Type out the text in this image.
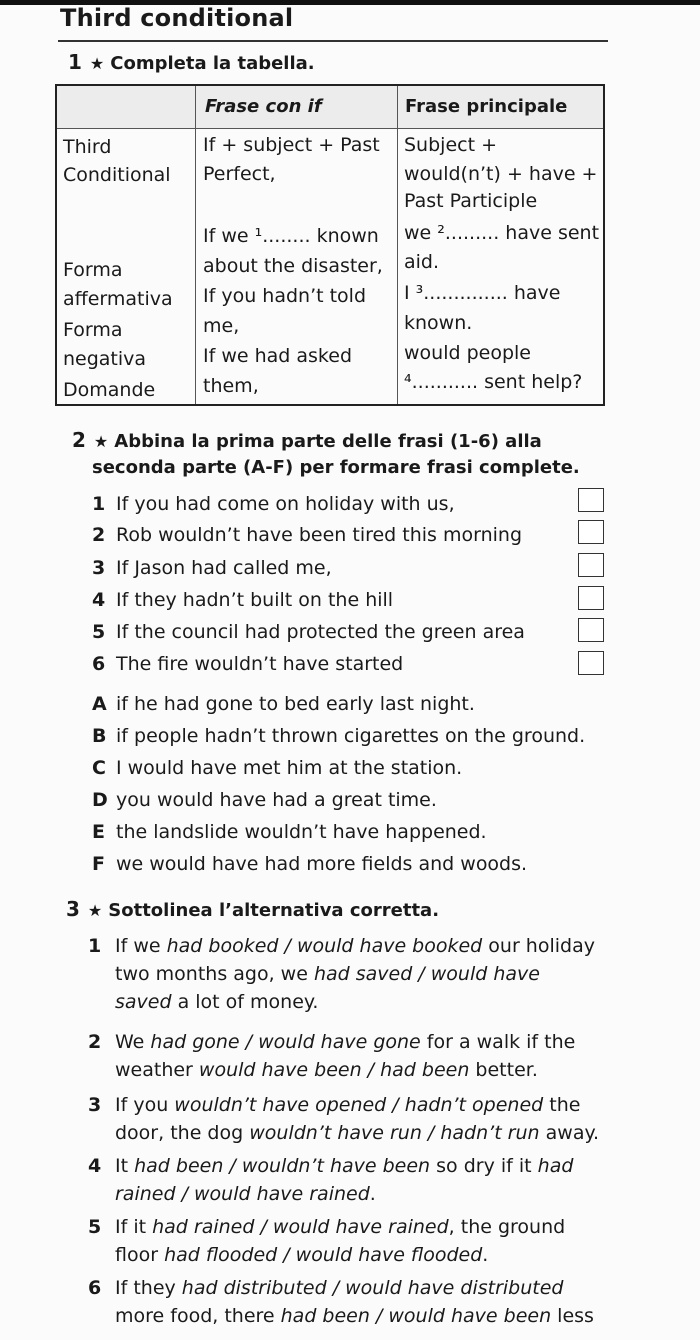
Third conditional
1 ★ Completa la tabella.
Frase con if	Frase principale
Third
Conditional
Forma
affermativa
Forma
negativa
Domande
If + subject + Past
Perfect,
If we ¹........ known
about the disaster,
If you hadn’t told
me,
If we had asked
them,
Subject +
would(n’t) + have +
Past Participle
we ²......... have sent
aid.
I ³.............. have
known.
would people
⁴........... sent help?
2 ★ Abbina la prima parte delle frasi (1-6) alla
seconda parte (A-F) per formare frasi complete.
1 If you had come on holiday with us,
2 Rob wouldn’t have been tired this morning
3 If Jason had called me,
4 If they hadn’t built on the hill
5 If the council had protected the green area
6 The fire wouldn’t have started
A if he had gone to bed early last night.
B if people hadn’t thrown cigarettes on the ground.
C I would have met him at the station.
D you would have had a great time.
E the landslide wouldn’t have happened.
F we would have had more fields and woods.
3 ★ Sottolinea l’alternativa corretta.
1 If we had booked / would have booked our holiday
two months ago, we had saved / would have
saved a lot of money.
2 We had gone / would have gone for a walk if the
weather would have been / had been better.
3 If you wouldn’t have opened / hadn’t opened the
door, the dog wouldn’t have run / hadn’t run away.
4 It had been / wouldn’t have been so dry if it had
rained / would have rained.
5 If it had rained / would have rained, the ground
floor had flooded / would have flooded.
6 If they had distributed / would have distributed
more food, there had been / would have been less
